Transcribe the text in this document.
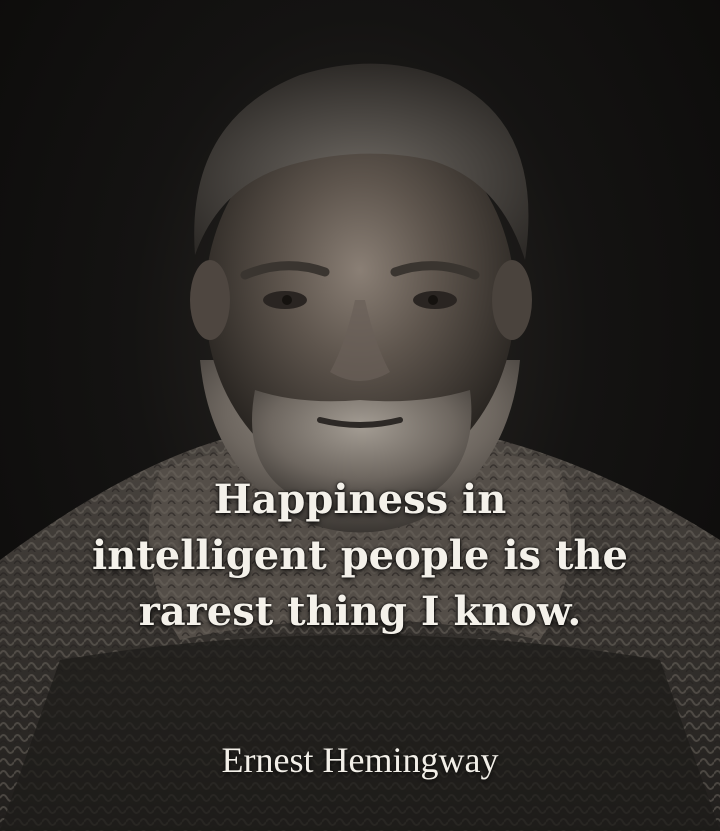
Happiness in
intelligent people is the
rarest thing I know.

Ernest Hemingway
